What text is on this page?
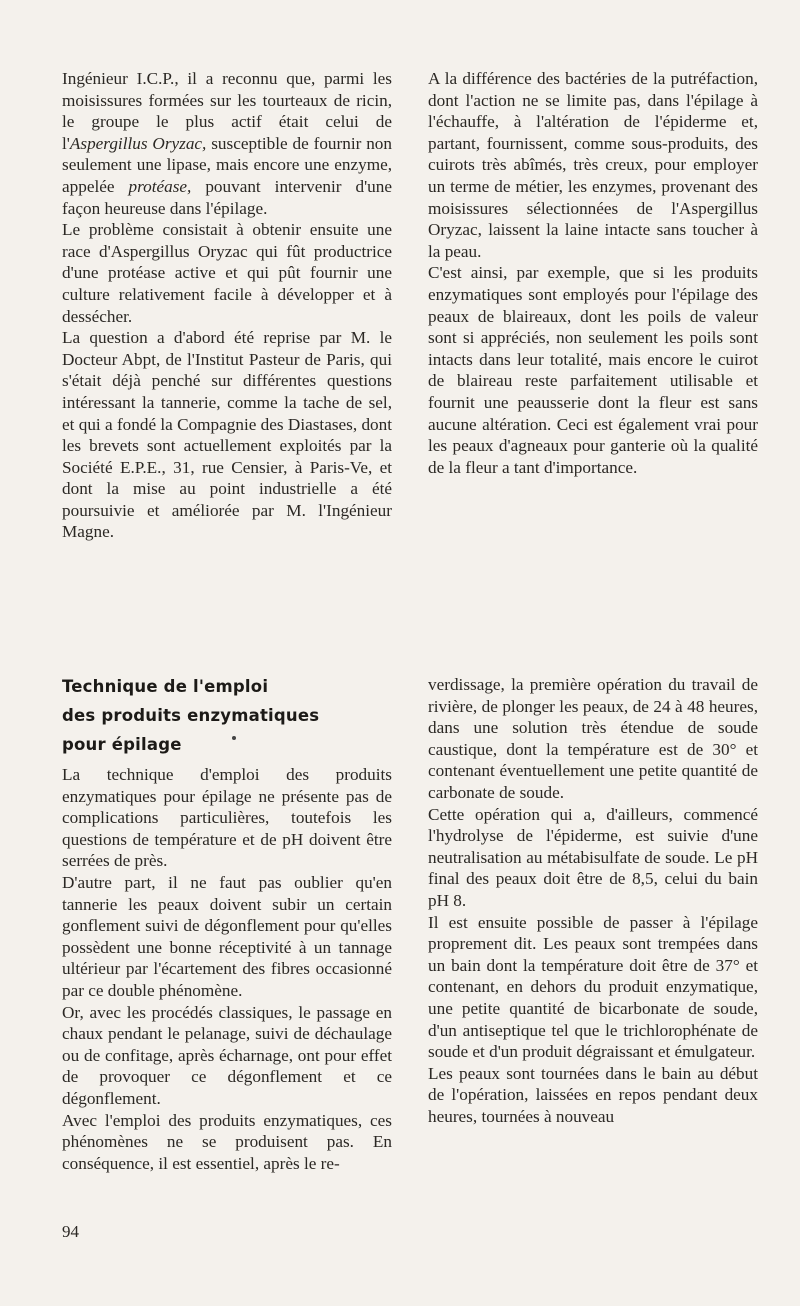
Ingénieur I.C.P., il a reconnu que, parmi les moisissures formées sur les tourteaux de ricin, le groupe le plus actif était celui de l'Aspergillus Oryzac, susceptible de fournir non seulement une lipase, mais encore une enzyme, appelée protéase, pouvant intervenir d'une façon heureuse dans l'épilage.

Le problème consistait à obtenir ensuite une race d'Aspergillus Oryzac qui fût productrice d'une protéase active et qui pût fournir une culture relativement facile à développer et à dessécher.

La question a d'abord été reprise par M. le Docteur Abpt, de l'Institut Pasteur de Paris, qui s'était déjà penché sur différentes questions intéressant la tannerie, comme la tache de sel, et qui a fondé la Compagnie des Diastases, dont les brevets sont actuellement exploités par la Société E.P.E., 31, rue Censier, à Paris-Ve, et dont la mise au point industrielle a été poursuivie et améliorée par M. l'Ingénieur Magne.

A la différence des bactéries de la putréfaction, dont l'action ne se limite pas, dans l'épilage à l'échauffe, à l'altération de l'épiderme et, partant, fournissent, comme sous-produits, des cuirots très abîmés, très creux, pour employer un terme de métier, les enzymes, provenant des moisissures sélectionnées de l'Aspergillus Oryzac, laissent la laine intacte sans toucher à la peau.

C'est ainsi, par exemple, que si les produits enzymatiques sont employés pour l'épilage des peaux de blaireaux, dont les poils de valeur sont si appréciés, non seulement les poils sont intacts dans leur totalité, mais encore le cuirot de blaireau reste parfaitement utilisable et fournit une peausserie dont la fleur est sans aucune altération. Ceci est également vrai pour les peaux d'agneaux pour ganterie où la qualité de la fleur a tant d'importance.

Technique de l'emploi
des produits enzymatiques
pour épilage

La technique d'emploi des produits enzymatiques pour épilage ne présente pas de complications particulières, toutefois les questions de température et de pH doivent être serrées de près.

D'autre part, il ne faut pas oublier qu'en tannerie les peaux doivent subir un certain gonflement suivi de dégonflement pour qu'elles possèdent une bonne réceptivité à un tannage ultérieur par l'écartement des fibres occasionné par ce double phénomène.

Or, avec les procédés classiques, le passage en chaux pendant le pelanage, suivi de déchaulage ou de confitage, après écharnage, ont pour effet de provoquer ce dégonflement et ce dégonflement.

Avec l'emploi des produits enzymatiques, ces phénomènes ne se produisent pas. En conséquence, il est essentiel, après le re-

verdissage, la première opération du travail de rivière, de plonger les peaux, de 24 à 48 heures, dans une solution très étendue de soude caustique, dont la température est de 30° et contenant éventuellement une petite quantité de carbonate de soude.

Cette opération qui a, d'ailleurs, commencé l'hydrolyse de l'épiderme, est suivie d'une neutralisation au métabisulfate de soude. Le pH final des peaux doit être de 8,5, celui du bain pH 8.

Il est ensuite possible de passer à l'épilage proprement dit. Les peaux sont trempées dans un bain dont la température doit être de 37° et contenant, en dehors du produit enzymatique, une petite quantité de bicarbonate de soude, d'un antiseptique tel que le trichlorophénate de soude et d'un produit dégraissant et émulgateur.

Les peaux sont tournées dans le bain au début de l'opération, laissées en repos pendant deux heures, tournées à nouveau

94
